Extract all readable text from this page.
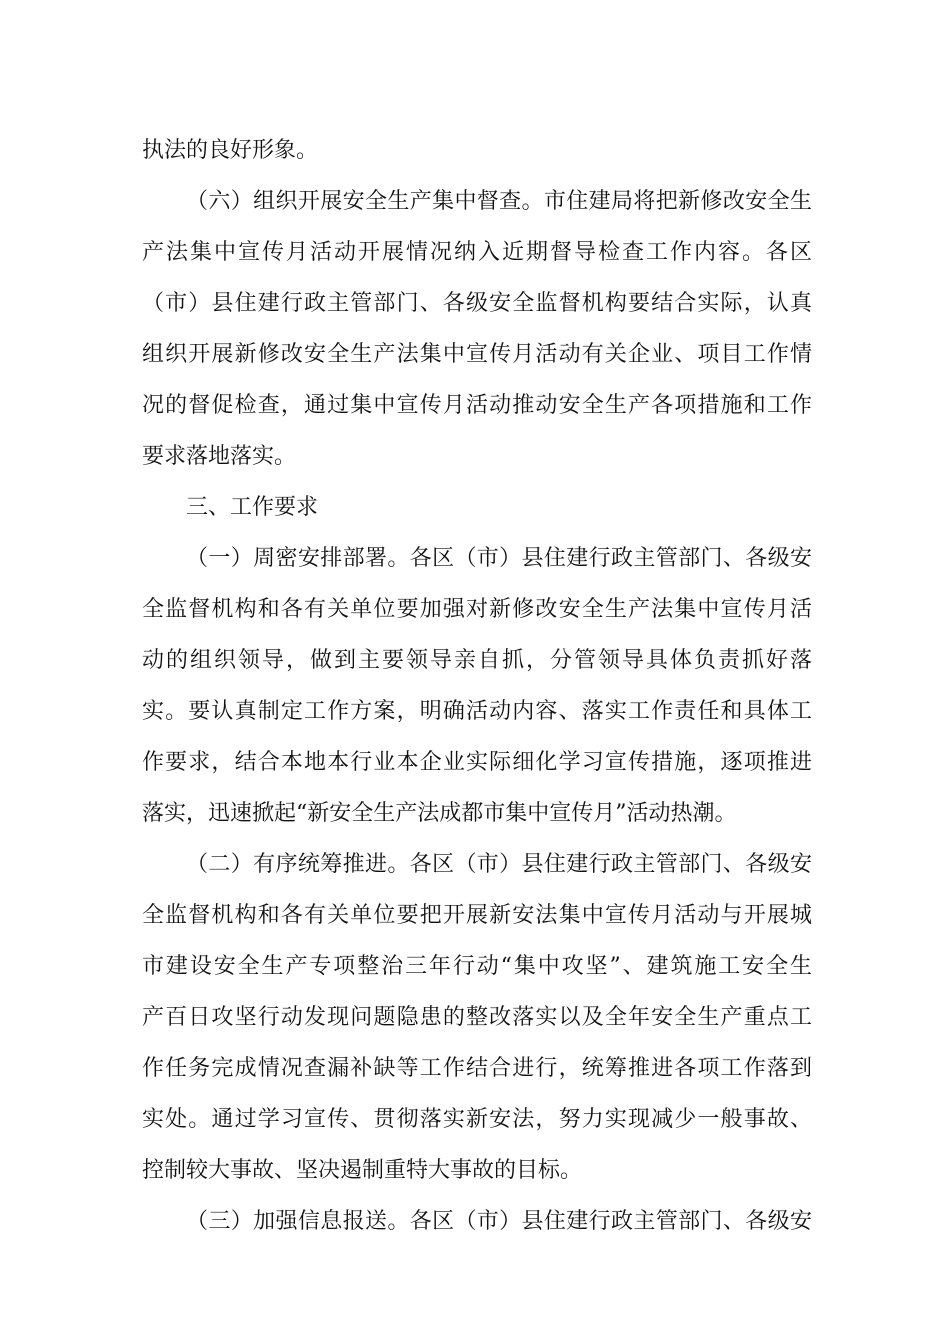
执法的良好形象。
（六）组织开展安全生产集中督查。市住建局将把新修改安全生
产法集中宣传月活动开展情况纳入近期督导检查工作内容。各区
（市）县住建行政主管部门、各级安全监督机构要结合实际，认真
组织开展新修改安全生产法集中宣传月活动有关企业、项目工作情
况的督促检查，通过集中宣传月活动推动安全生产各项措施和工作
要求落地落实。
三、工作要求
（一）周密安排部署。各区（市）县住建行政主管部门、各级安
全监督机构和各有关单位要加强对新修改安全生产法集中宣传月活
动的组织领导，做到主要领导亲自抓，分管领导具体负责抓好落
实。要认真制定工作方案，明确活动内容、落实工作责任和具体工
作要求，结合本地本行业本企业实际细化学习宣传措施，逐项推进
落实，迅速掀起“新安全生产法成都市集中宣传月”活动热潮。
（二）有序统筹推进。各区（市）县住建行政主管部门、各级安
全监督机构和各有关单位要把开展新安法集中宣传月活动与开展城
市建设安全生产专项整治三年行动“集中攻坚”、建筑施工安全生
产百日攻坚行动发现问题隐患的整改落实以及全年安全生产重点工
作任务完成情况查漏补缺等工作结合进行，统筹推进各项工作落到
实处。通过学习宣传、贯彻落实新安法，努力实现减少一般事故、
控制较大事故、坚决遏制重特大事故的目标。
（三）加强信息报送。各区（市）县住建行政主管部门、各级安
